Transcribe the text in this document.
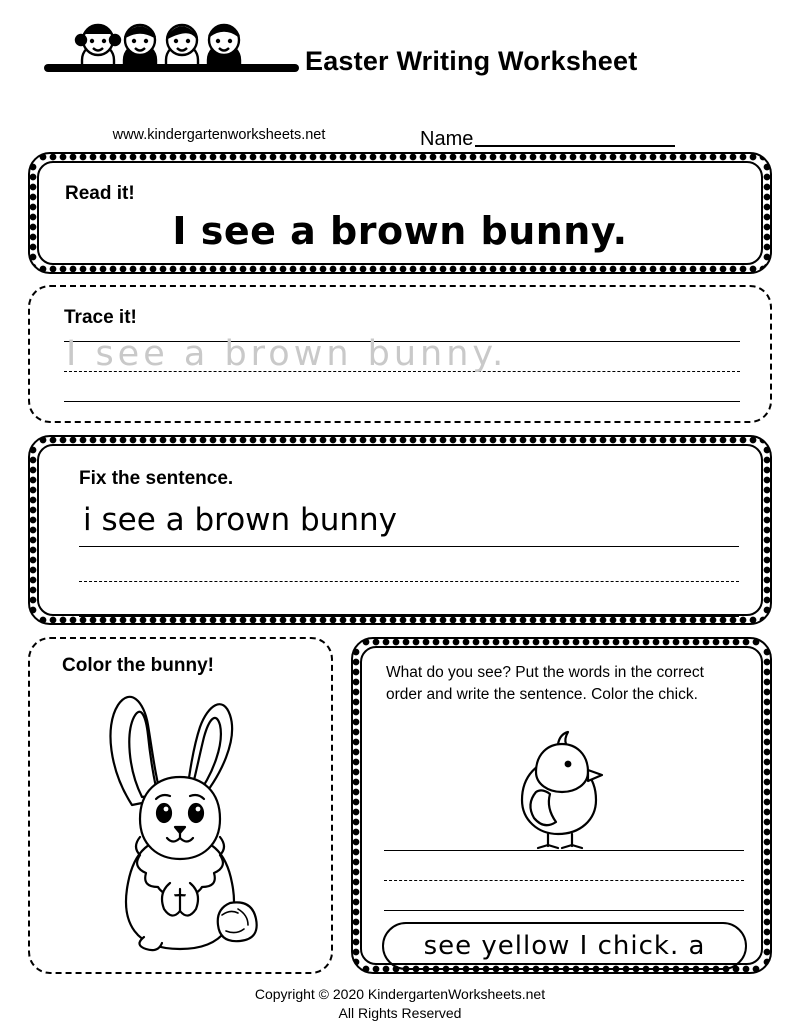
KindergartenWorksheets.net
www.kindergartenworksheets.net
Easter Writing Worksheet
Name
Read it!
I see a brown bunny.
Trace it!
I see a brown bunny.
Fix the sentence.
i see a brown bunny
Color the bunny!	What do you see? Put the words in the correct order and write the sentence. Color the chick.
see yellow I chick. a
Copyright © 2020 KindergartenWorksheets.net
All Rights Reserved
